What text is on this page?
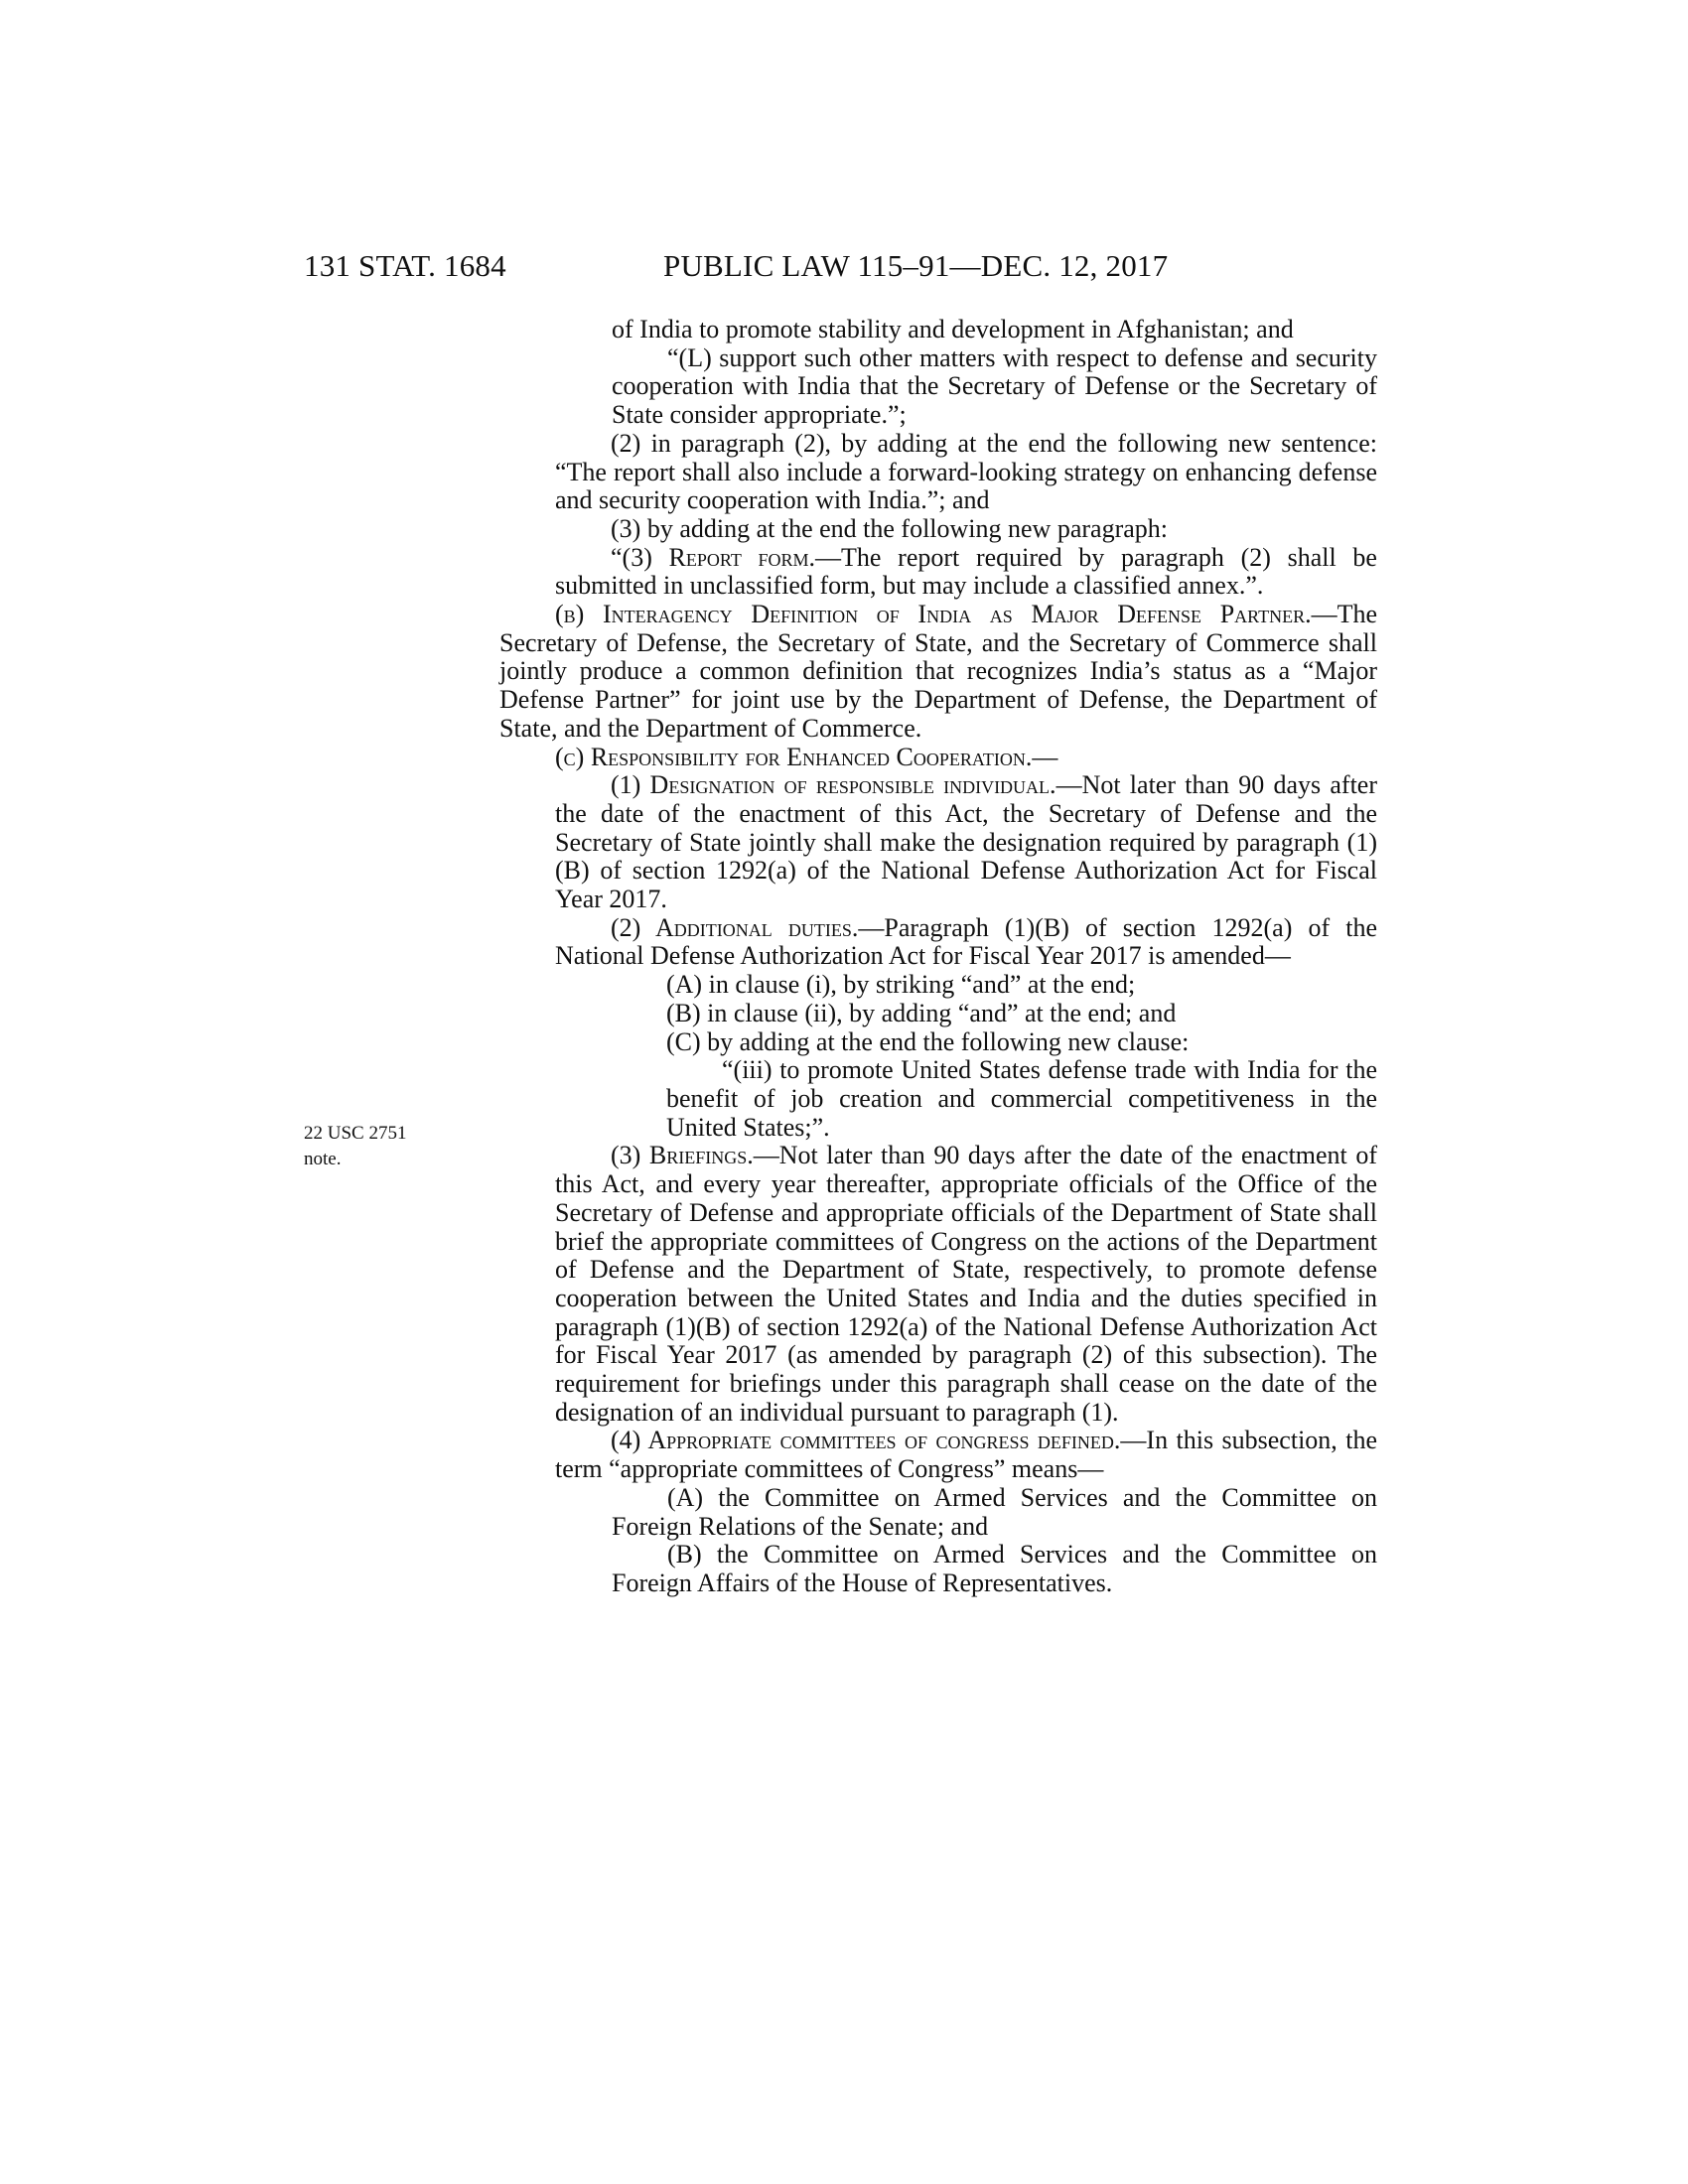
131 STAT. 1684	PUBLIC LAW 115–91—DEC. 12, 2017
22 USC 2751
note.

of India to promote stability and development in Afghanistan; and

“(L) support such other matters with respect to defense and security cooperation with India that the Secretary of Defense or the Secretary of State consider appropriate.”;

(2) in paragraph (2), by adding at the end the following new sentence: “The report shall also include a forward-looking strategy on enhancing defense and security cooperation with India.”; and

(3) by adding at the end the following new paragraph:

“(3) Report form.—The report required by paragraph (2) shall be submitted in unclassified form, but may include a classified annex.”.

(b) Interagency Definition of India as Major Defense Partner.—The Secretary of Defense, the Secretary of State, and the Secretary of Commerce shall jointly produce a common definition that recognizes India’s status as a “Major Defense Partner” for joint use by the Department of Defense, the Department of State, and the Department of Commerce.

(c) Responsibility for Enhanced Cooperation.—

(1) Designation of responsible individual.—Not later than 90 days after the date of the enactment of this Act, the Secretary of Defense and the Secretary of State jointly shall make the designation required by paragraph (1)(B) of section 1292(a) of the National Defense Authorization Act for Fiscal Year 2017.

(2) Additional duties.—Paragraph (1)(B) of section 1292(a) of the National Defense Authorization Act for Fiscal Year 2017 is amended—

(A) in clause (i), by striking “and” at the end;

(B) in clause (ii), by adding “and” at the end; and

(C) by adding at the end the following new clause:

“(iii) to promote United States defense trade with India for the benefit of job creation and commercial competitiveness in the United States;”.

(3) Briefings.—Not later than 90 days after the date of the enactment of this Act, and every year thereafter, appropriate officials of the Office of the Secretary of Defense and appropriate officials of the Department of State shall brief the appropriate committees of Congress on the actions of the Department of Defense and the Department of State, respectively, to promote defense cooperation between the United States and India and the duties specified in paragraph (1)(B) of section 1292(a) of the National Defense Authorization Act for Fiscal Year 2017 (as amended by paragraph (2) of this subsection). The requirement for briefings under this paragraph shall cease on the date of the designation of an individual pursuant to paragraph (1).

(4) Appropriate committees of congress defined.—In this subsection, the term “appropriate committees of Congress” means—

(A) the Committee on Armed Services and the Committee on Foreign Relations of the Senate; and

(B) the Committee on Armed Services and the Committee on Foreign Affairs of the House of Representatives.
